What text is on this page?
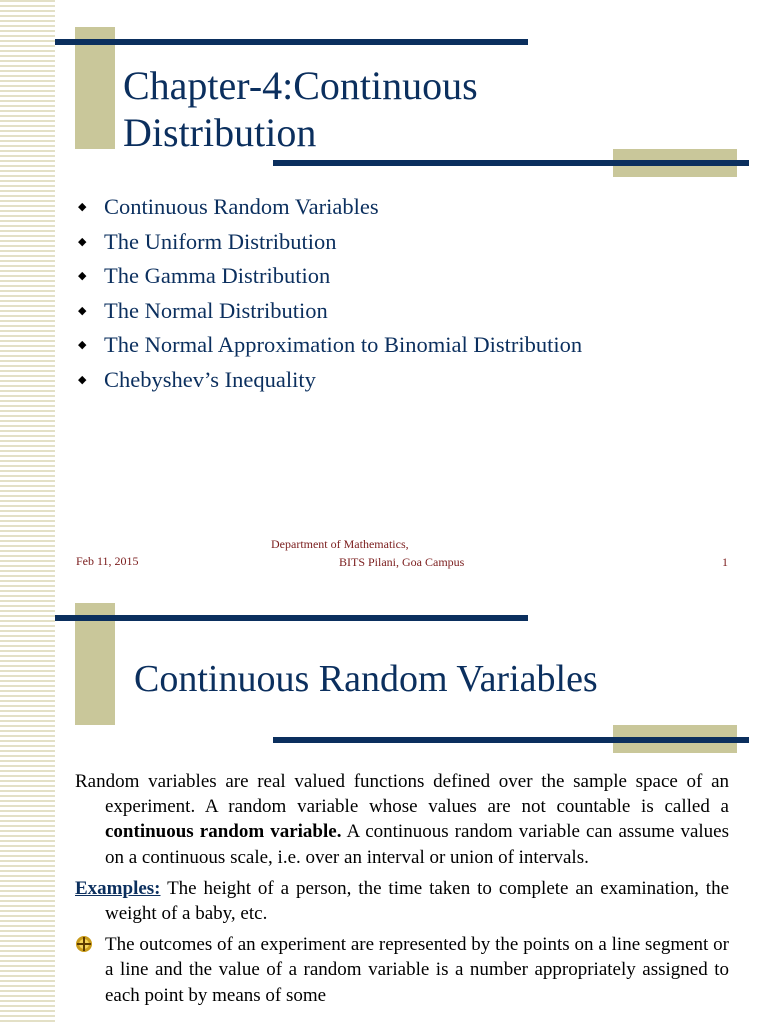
Chapter-4:Continuous
Distribution
◆ Continuous Random Variables
◆ The Uniform Distribution
◆ The Gamma Distribution
◆ The Normal Distribution
◆ The Normal Approximation to Binomial Distribution
◆ Chebyshev’s Inequality
Feb 11, 2015
Department of Mathematics,
BITS Pilani, Goa Campus	1
Continuous Random Variables

Random variables are real valued functions defined over the sample space of an experiment. A random variable whose values are not countable is called a continuous random variable. A continuous random variable can assume values on a continuous scale, i.e. over an interval or union of intervals.

Examples: The height of a person, the time taken to complete an examination, the weight of a baby, etc.

The outcomes of an experiment are represented by the points on a line segment or a line and the value of a random variable is a number appropriately assigned to each point by means of some
